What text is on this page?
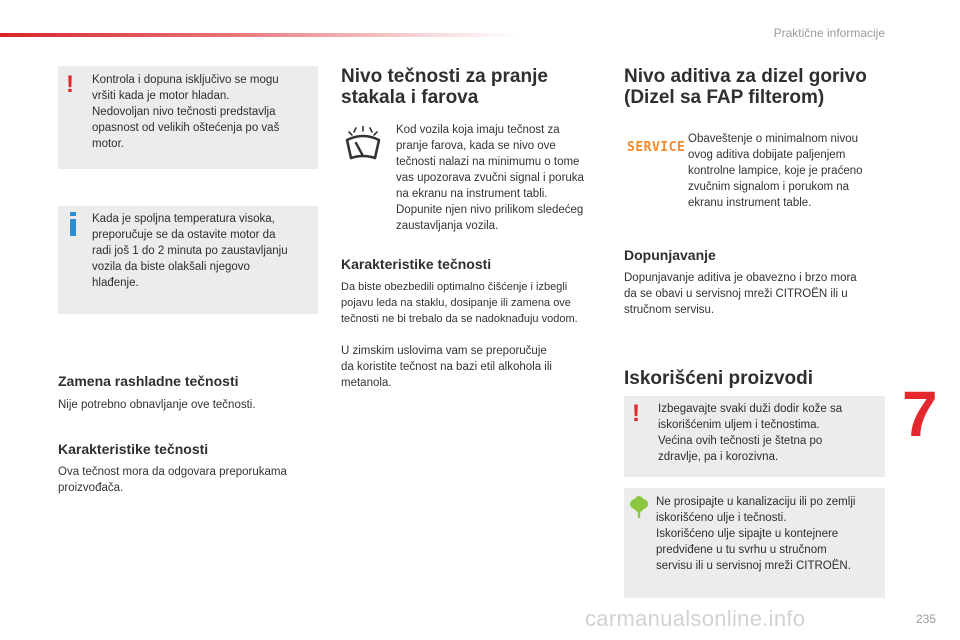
Praktične informacije
! Kontrola i dopuna isključivo se mogu
vršiti kada je motor hladan.
Nedovoljan nivo tečnosti predstavlja
opasnost od velikih oštećenja po vaš
motor.
Kada je spoljna temperatura visoka,
preporučuje se da ostavite motor da
radi još 1 do 2 minuta po zaustavljanju
vozila da biste olakšali njegovo
hlađenje.
Zamena rashladne tečnosti
Nije potrebno obnavljanje ove tečnosti.
Karakteristike tečnosti
Ova tečnost mora da odgovara preporukama
proizvođača.
Nivo tečnosti za pranje
stakala i farova
Kod vozila koja imaju tečnost za
pranje farova, kada se nivo ove
tečnosti nalazi na minimumu o tome
vas upozorava zvučni signal i poruka
na ekranu na instrument tabli.
Dopunite njen nivo prilikom sledećeg
zaustavljanja vozila.
Karakteristike tečnosti
Da biste obezbedili optimalno čišćenje i izbegli
pojavu leda na staklu, dosipanje ili zamena ove
tečnosti ne bi trebalo da se nadoknađuju vodom.
U zimskim uslovima vam se preporučuje
da koristite tečnost na bazi etil alkohola ili
metanola.
Nivo aditiva za dizel gorivo
(Dizel sa FAP filterom)
SERVICE
Obaveštenje o minimalnom nivou
ovog aditiva dobijate paljenjem
kontrolne lampice, koje je praćeno
zvučnim signalom i porukom na
ekranu instrument table.
Dopunjavanje
Dopunjavanje aditiva je obavezno i brzo mora
da se obavi u servisnoj mreži CITROËN ili u
stručnom servisu.
Iskorišćeni proizvodi
! Izbegavajte svaki duži dodir kože sa
iskorišćenim uljem i tečnostima.
Većina ovih tečnosti je štetna po
zdravlje, pa i korozivna.
Ne prosipajte u kanalizaciju ili po zemlji
iskorišćeno ulje i tečnosti.
Iskorišćeno ulje sipajte u kontejnere
predviđene u tu svrhu u stručnom
servisu ili u servisnoj mreži CITROËN.
7
235
carmanualsonline.info
